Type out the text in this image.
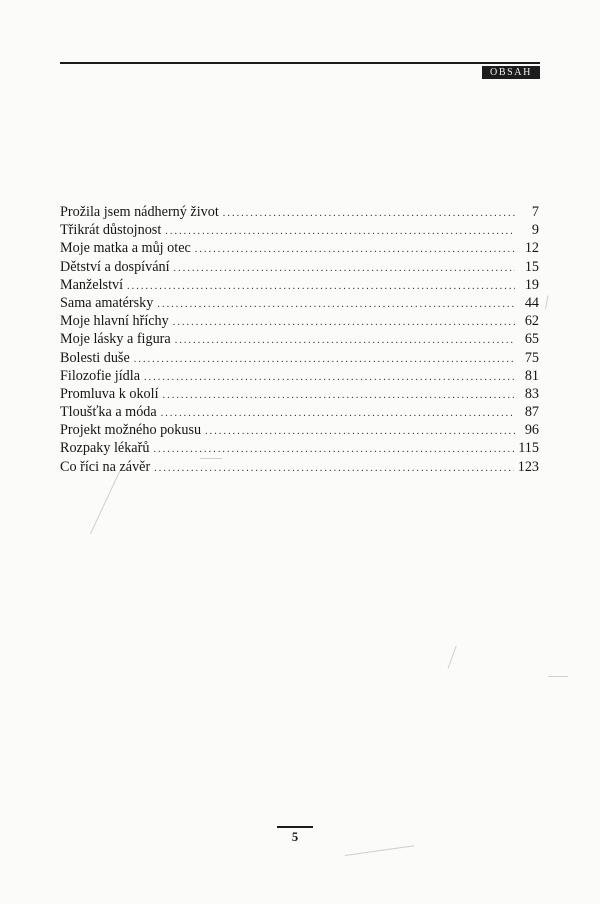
OBSAH
Prožila jsem nádherný život .....	7
Třikrát důstojnost .....	9
Moje matka a můj otec .....	12
Dětství a dospívání .....	15
Manželství .....	19
Sama amatérsky .....	44
Moje hlavní hříchy .....	62
Moje lásky a figura .....	65
Bolesti duše .....	75
Filozofie jídla .....	81
Promluva k okolí .....	83
Tloušťka a móda .....	87
Projekt možného pokusu .....	96
Rozpaky lékařů .....	115
Co říci na závěr .....	123
5
